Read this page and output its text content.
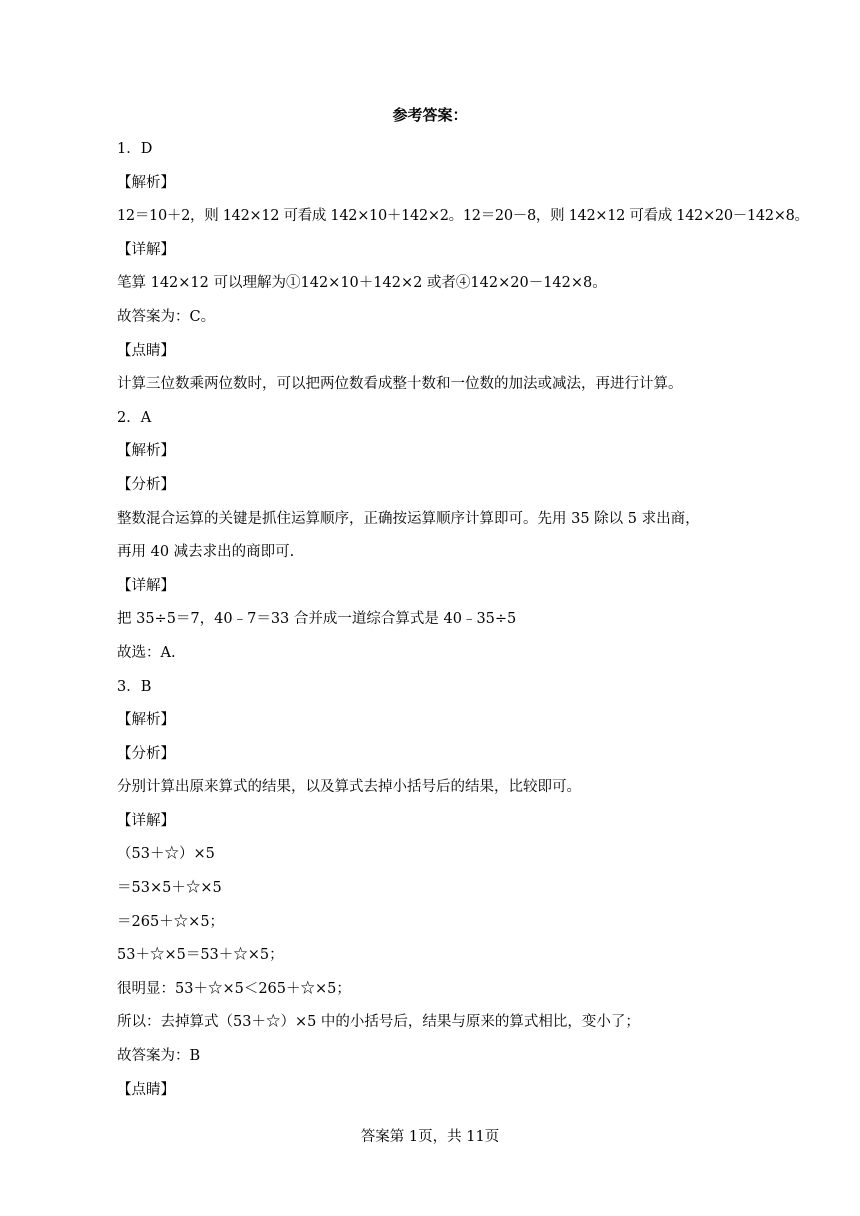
参考答案：
1．D
【解析】
12＝10＋2，则 142×12 可看成 142×10＋142×2。12＝20－8，则 142×12 可看成 142×20－142×8。
【详解】
笔算 142×12 可以理解为①142×10＋142×2 或者④142×20－142×8。
故答案为：C。
【点睛】
计算三位数乘两位数时，可以把两位数看成整十数和一位数的加法或减法，再进行计算。
2．A
【解析】
【分析】
整数混合运算的关键是抓住运算顺序，正确按运算顺序计算即可。先用 35 除以 5 求出商，
再用 40 减去求出的商即可.
【详解】
把 35÷5＝7，40﹣7＝33 合并成一道综合算式是 40﹣35÷5
故选：A.
3．B
【解析】
【分析】
分别计算出原来算式的结果，以及算式去掉小括号后的结果，比较即可。
【详解】
（53＋☆）×5
＝53×5＋☆×5
＝265＋☆×5；
53＋☆×5＝53＋☆×5；
很明显：53＋☆×5＜265＋☆×5；
所以：去掉算式（53＋☆）×5 中的小括号后，结果与原来的算式相比，变小了；
故答案为：B
【点睛】
答案第 1页，共 11页
